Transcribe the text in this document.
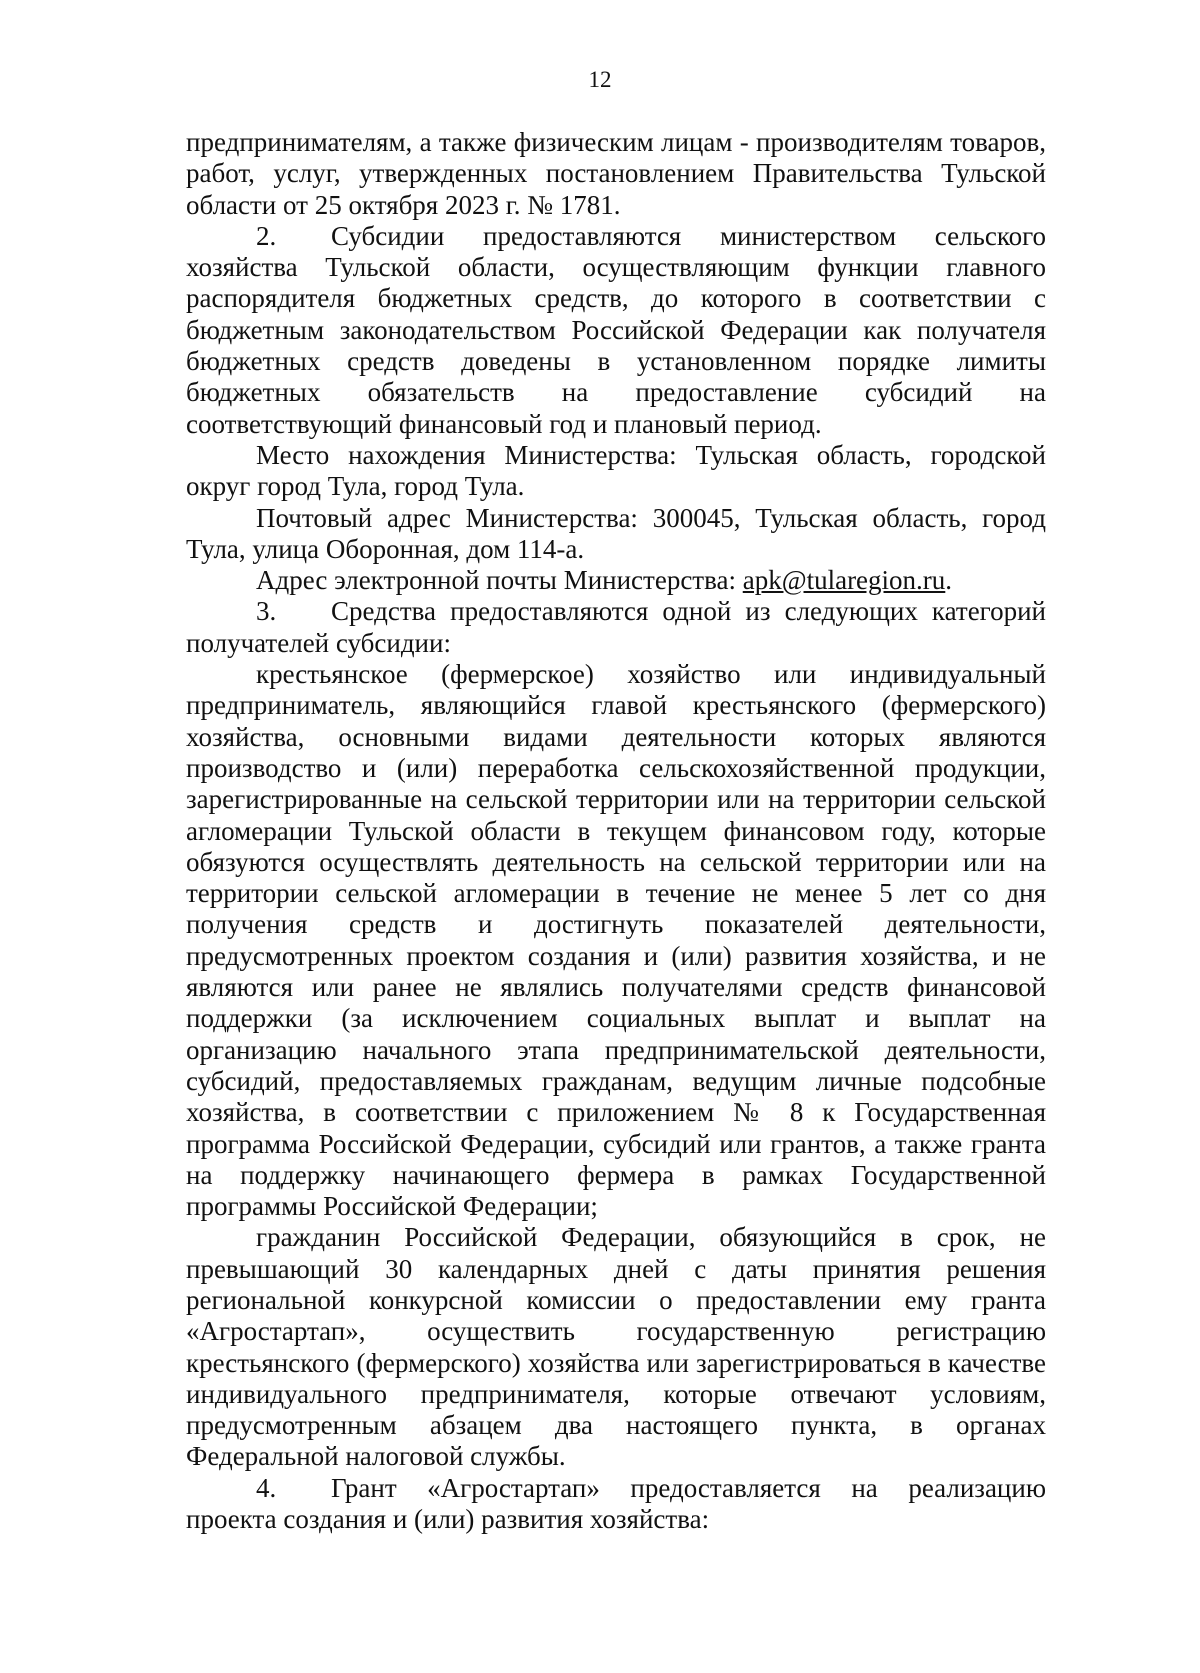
12

предпринимателям, а также физическим лицам - производителям товаров, работ, услуг, утвержденных постановлением Правительства Тульской области от 25 октября 2023 г. № 1781.

2. Субсидии предоставляются министерством сельского хозяйства Тульской области, осуществляющим функции главного распорядителя бюджетных средств, до которого в соответствии с бюджетным законодательством Российской Федерации как получателя бюджетных средств доведены в установленном порядке лимиты бюджетных обязательств на предоставление субсидий на соответствующий финансовый год и плановый период.

Место нахождения Министерства: Тульская область, городской округ город Тула, город Тула.

Почтовый адрес Министерства: 300045, Тульская область, город Тула, улица Оборонная, дом 114-а.

Адрес электронной почты Министерства: apk@tularegion.ru.

3. Средства предоставляются одной из следующих категорий получателей субсидии:

крестьянское (фермерское) хозяйство или индивидуальный предприниматель, являющийся главой крестьянского (фермерского) хозяйства, основными видами деятельности которых являются производство и (или) переработка сельскохозяйственной продукции, зарегистрированные на сельской территории или на территории сельской агломерации Тульской области в текущем финансовом году, которые обязуются осуществлять деятельность на сельской территории или на территории сельской агломерации в течение не менее 5 лет со дня получения средств и достигнуть показателей деятельности, предусмотренных проектом создания и (или) развития хозяйства, и не являются или ранее не являлись получателями средств финансовой поддержки (за исключением социальных выплат и выплат на организацию начального этапа предпринимательской деятельности, субсидий, предоставляемых гражданам, ведущим личные подсобные хозяйства, в соответствии с приложением № 8 к Государственная программа Российской Федерации, субсидий или грантов, а также гранта на поддержку начинающего фермера в рамках Государственной программы Российской Федерации;

гражданин Российской Федерации, обязующийся в срок, не превышающий 30 календарных дней с даты принятия решения региональной конкурсной комиссии о предоставлении ему гранта «Агростартап», осуществить государственную регистрацию крестьянского (фермерского) хозяйства или зарегистрироваться в качестве индивидуального предпринимателя, которые отвечают условиям, предусмотренным абзацем два настоящего пункта, в органах Федеральной налоговой службы.

4. Грант «Агростартап» предоставляется на реализацию проекта создания и (или) развития хозяйства:
